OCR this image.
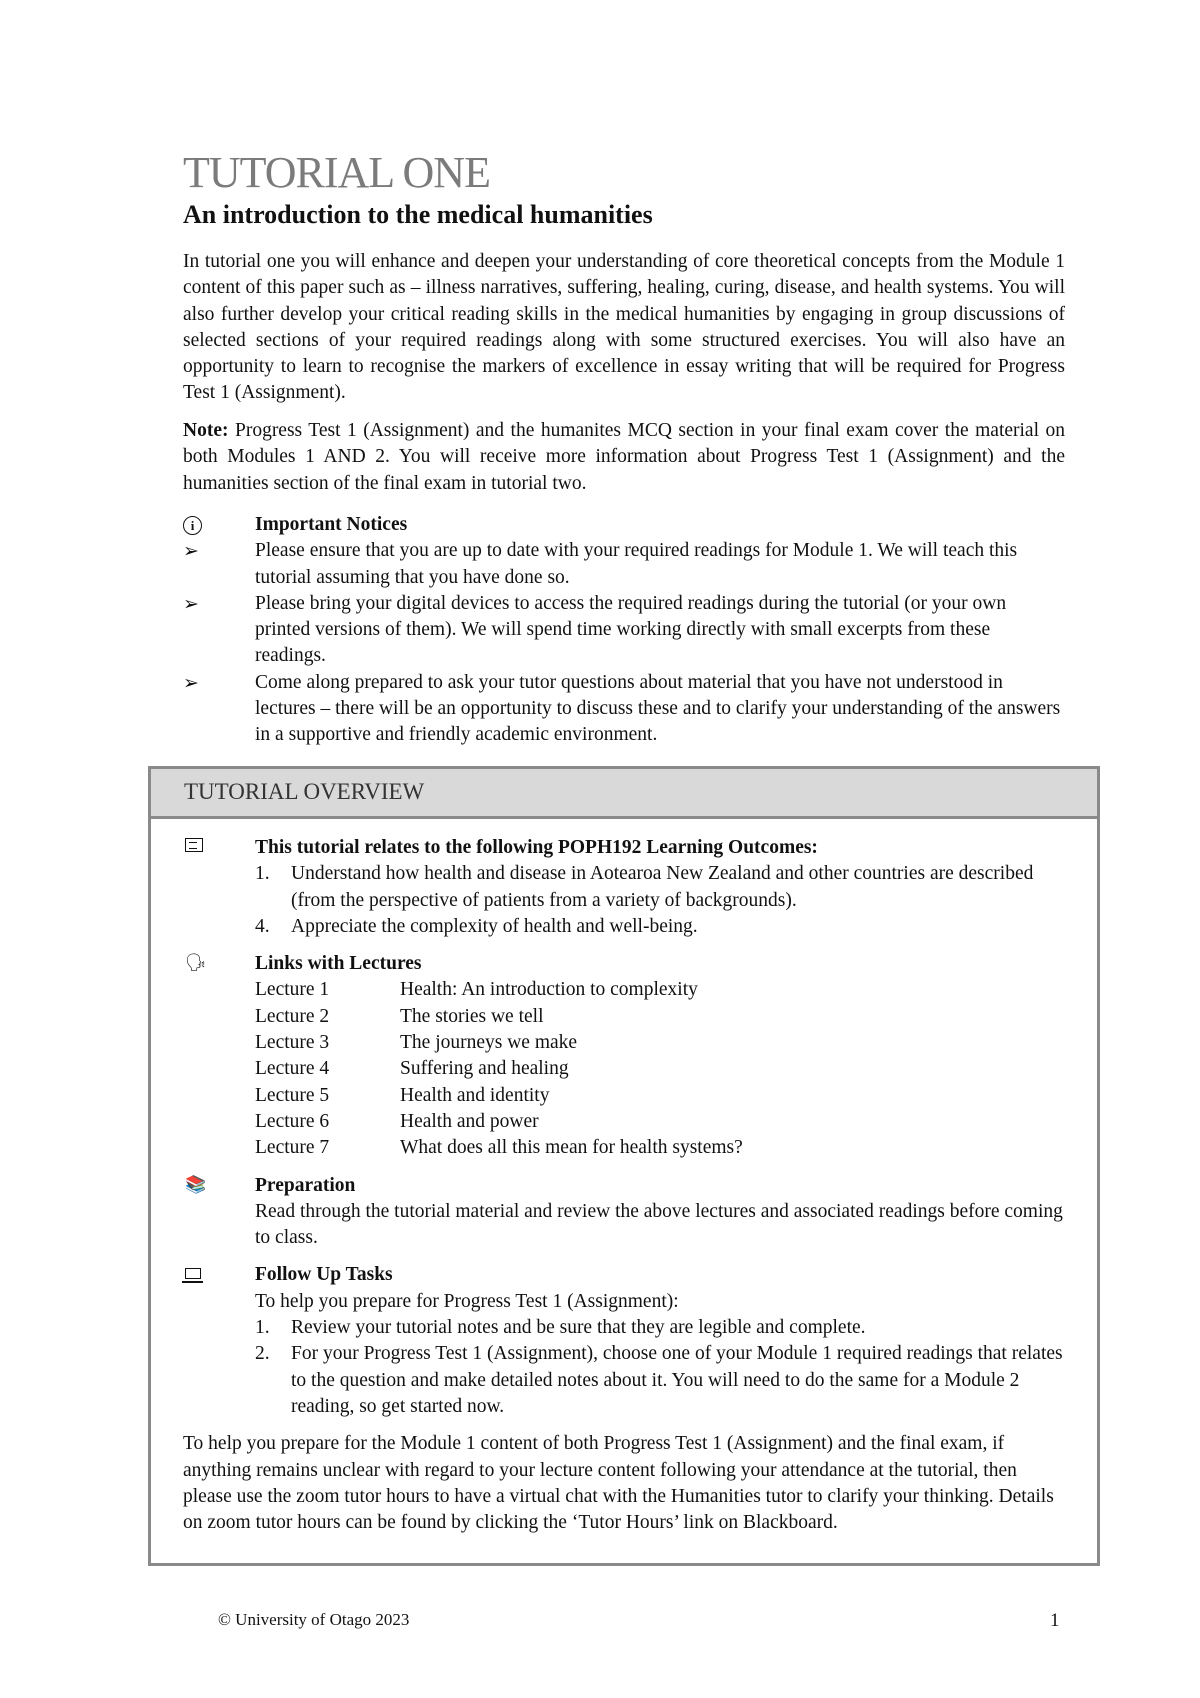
TUTORIAL ONE
An introduction to the medical humanities

In tutorial one you will enhance and deepen your understanding of core theoretical concepts from the Module 1 content of this paper such as – illness narratives, suffering, healing, curing, disease, and health systems. You will also further develop your critical reading skills in the medical humanities by engaging in group discussions of selected sections of your required readings along with some structured exercises. You will also have an opportunity to learn to recognise the markers of excellence in essay writing that will be required for Progress Test 1 (Assignment).

Note: Progress Test 1 (Assignment) and the humanites MCQ section in your final exam cover the material on both Modules 1 AND 2. You will receive more information about Progress Test 1 (Assignment) and the humanities section of the final exam in tutorial two.

i	Important Notices
➢	Please ensure that you are up to date with your required readings for Module 1. We will teach this tutorial assuming that you have done so.
➢	Please bring your digital devices to access the required readings during the tutorial (or your own printed versions of them). We will spend time working directly with small excerpts from these readings.
➢	Come along prepared to ask your tutor questions about material that you have not understood in lectures – there will be an opportunity to discuss these and to clarify your understanding of the answers in a supportive and friendly academic environment.
TUTORIAL OVERVIEW
This tutorial relates to the following POPH192 Learning Outcomes:
1. Understand how health and disease in Aotearoa New Zealand and other countries are described (from the perspective of patients from a variety of backgrounds).
4. Appreciate the complexity of health and well-being.
🗣 Links with Lectures
Lecture 1	Health: An introduction to complexity
Lecture 2	The stories we tell
Lecture 3	The journeys we make
Lecture 4	Suffering and healing
Lecture 5	Health and identity
Lecture 6	Health and power
Lecture 7	What does all this mean for health systems?
📚	Preparation
Read through the tutorial material and review the above lectures and associated readings before coming to class.
Follow Up Tasks
To help you prepare for Progress Test 1 (Assignment):
1. Review your tutorial notes and be sure that they are legible and complete.
2. For your Progress Test 1 (Assignment), choose one of your Module 1 required readings that relates to the question and make detailed notes about it. You will need to do the same for a Module 2 reading, so get started now.
To help you prepare for the Module 1 content of both Progress Test 1 (Assignment) and the final exam, if anything remains unclear with regard to your lecture content following your attendance at the tutorial, then please use the zoom tutor hours to have a virtual chat with the Humanities tutor to clarify your thinking. Details on zoom tutor hours can be found by clicking the ‘Tutor Hours’ link on Blackboard.
© University of Otago 2023	1
